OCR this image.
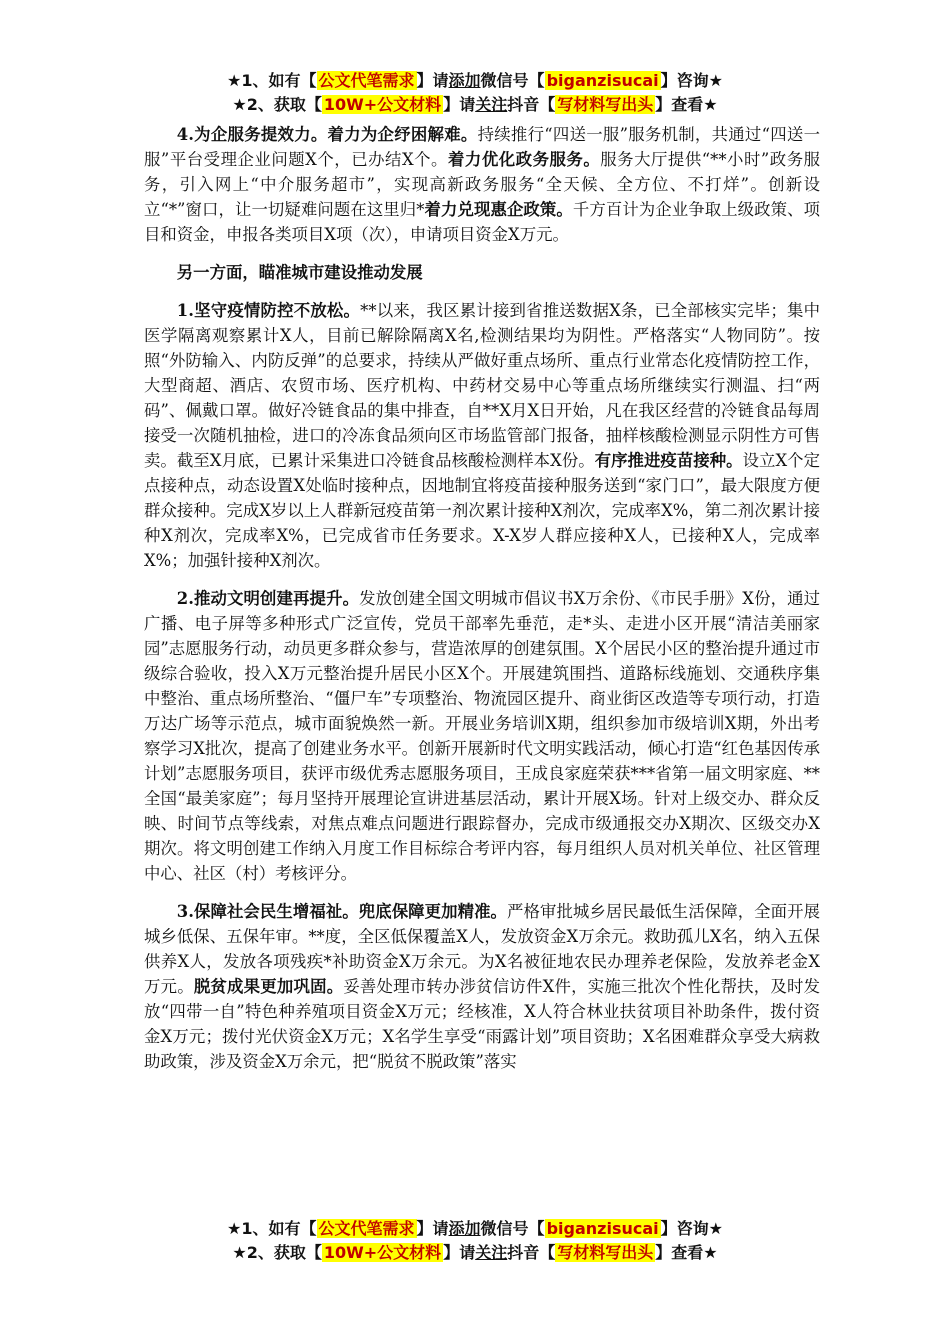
★1、如有【 公文代笔需求 】请添加微信号【 biganzisucai 】咨询★
★2、获取【 10W+公文材料 】请关注抖音【 写材料写出头 】查看★

4.为企服务提效力。着力为企纾困解难。持续推行“四送一服”服务机制，共通过“四送一服”平台受理企业问题X个，已办结X个。着力优化政务服务。服务大厅提供“**小时”政务服务，引入网上“中介服务超市”，实现高新政务服务“全天候、全方位、不打烊”。创新设立“*”窗口，让一切疑难问题在这里归*着力兑现惠企政策。千方百计为企业争取上级政策、项目和资金，申报各类项目X项（次），申请项目资金X万元。

另一方面，瞄准城市建设推动发展

1.坚守疫情防控不放松。**以来，我区累计接到省推送数据X条，已全部核实完毕；集中医学隔离观察累计X人，目前已解除隔离X名,检测结果均为阴性。严格落实“人物同防”。按照“外防输入、内防反弹”的总要求，持续从严做好重点场所、重点行业常态化疫情防控工作，大型商超、酒店、农贸市场、医疗机构、中药材交易中心等重点场所继续实行测温、扫“两码”、佩戴口罩。做好冷链食品的集中排查，自**X月X日开始，凡在我区经营的冷链食品每周接受一次随机抽检，进口的冷冻食品须向区市场监管部门报备，抽样核酸检测显示阴性方可售卖。截至X月底，已累计采集进口冷链食品核酸检测样本X份。有序推进疫苗接种。设立X个定点接种点，动态设置X处临时接种点，因地制宜将疫苗接种服务送到“家门口”，最大限度方便群众接种。完成X岁以上人群新冠疫苗第一剂次累计接种X剂次，完成率X%，第二剂次累计接种X剂次，完成率X%，已完成省市任务要求。X-X岁人群应接种X人，已接种X人，完成率X%；加强针接种X剂次。

2.推动文明创建再提升。发放创建全国文明城市倡议书X万余份、《市民手册》X份，通过广播、电子屏等多种形式广泛宣传，党员干部率先垂范，走*头、走进小区开展“清洁美丽家园”志愿服务行动，动员更多群众参与，营造浓厚的创建氛围。X个居民小区的整治提升通过市级综合验收，投入X万元整治提升居民小区X个。开展建筑围挡、道路标线施划、交通秩序集中整治、重点场所整治、“僵尸车”专项整治、物流园区提升、商业街区改造等专项行动，打造万达广场等示范点，城市面貌焕然一新。开展业务培训X期，组织参加市级培训X期，外出考察学习X批次，提高了创建业务水平。创新开展新时代文明实践活动，倾心打造“红色基因传承计划”志愿服务项目，获评市级优秀志愿服务项目，王成良家庭荣获***省第一届文明家庭、**全国“最美家庭”；每月坚持开展理论宣讲进基层活动，累计开展X场。针对上级交办、群众反映、时间节点等线索，对焦点难点问题进行跟踪督办，完成市级通报交办X期次、区级交办X期次。将文明创建工作纳入月度工作目标综合考评内容，每月组织人员对机关单位、社区管理中心、社区（村）考核评分。

3.保障社会民生增福祉。兜底保障更加精准。严格审批城乡居民最低生活保障，全面开展城乡低保、五保年审。**度，全区低保覆盖X人，发放资金X万余元。救助孤儿X名，纳入五保供养X人，发放各项残疾*补助资金X万余元。为X名被征地农民办理养老保险，发放养老金X万元。脱贫成果更加巩固。妥善处理市转办涉贫信访件X件，实施三批次个性化帮扶，及时发放“四带一自”特色种养殖项目资金X万元；经核准，X人符合林业扶贫项目补助条件，拨付资金X万元；拨付光伏资金X万元；X名学生享受“雨露计划”项目资助；X名困难群众享受大病救助政策，涉及资金X万余元，把“脱贫不脱政策”落实

★1、如有【 公文代笔需求 】请添加微信号【 biganzisucai 】咨询★
★2、获取【 10W+公文材料 】请关注抖音【 写材料写出头 】查看★
